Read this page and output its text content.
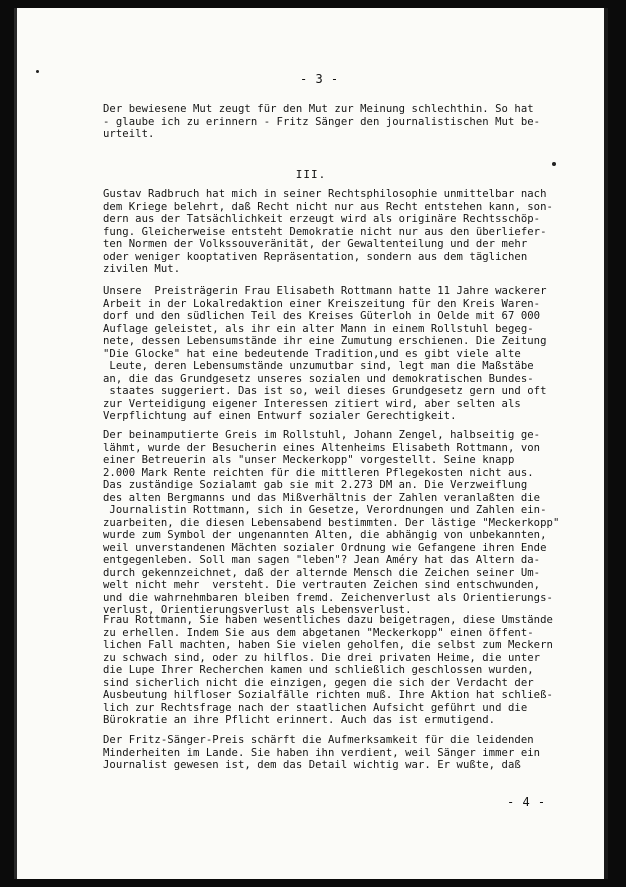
- 3 -
Der bewiesene Mut zeugt für den Mut zur Meinung schlechthin. So hat
- glaube ich zu erinnern - Fritz Sänger den journalistischen Mut be-
urteilt.
III.
Gustav Radbruch hat mich in seiner Rechtsphilosophie unmittelbar nach
dem Kriege belehrt, daß Recht nicht nur aus Recht entstehen kann, son-
dern aus der Tatsächlichkeit erzeugt wird als originäre Rechtsschöp-
fung. Gleicherweise entsteht Demokratie nicht nur aus den überliefer-
ten Normen der Volkssouveränität, der Gewaltenteilung und der mehr
oder weniger kooptativen Repräsentation, sondern aus dem täglichen
zivilen Mut.
Unsere  Preisträgerin Frau Elisabeth Rottmann hatte 11 Jahre wackerer
Arbeit in der Lokalredaktion einer Kreiszeitung für den Kreis Waren-
dorf und den südlichen Teil des Kreises Güterloh in Oelde mit 67 000
Auflage geleistet, als ihr ein alter Mann in einem Rollstuhl begeg-
nete, dessen Lebensumstände ihr eine Zumutung erschienen. Die Zeitung
"Die Glocke" hat eine bedeutende Tradition,und es gibt viele alte
Leute, deren Lebensumstände unzumutbar sind, legt man die Maßstäbe
an, die das Grundgesetz unseres sozialen und demokratischen Bundes-
staates suggeriert. Das ist so, weil dieses Grundgesetz gern und oft
zur Verteidigung eigener Interessen zitiert wird, aber selten als
Verpflichtung auf einen Entwurf sozialer Gerechtigkeit.
Der beinamputierte Greis im Rollstuhl, Johann Zengel, halbseitig ge-
lähmt, wurde der Besucherin eines Altenheims Elisabeth Rottmann, von
einer Betreuerin als "unser Meckerkopp" vorgestellt. Seine knapp
2.000 Mark Rente reichten für die mittleren Pflegekosten nicht aus.
Das zuständige Sozialamt gab sie mit 2.273 DM an. Die Verzweiflung
des alten Bergmanns und das Mißverhältnis der Zahlen veranlaßten die
Journalistin Rottmann, sich in Gesetze, Verordnungen und Zahlen ein-
zuarbeiten, die diesen Lebensabend bestimmten. Der lästige "Meckerkopp"
wurde zum Symbol der ungenannten Alten, die abhängig von unbekannten,
weil unverstandenen Mächten sozialer Ordnung wie Gefangene ihren Ende
entgegenleben. Soll man sagen "leben"? Jean Améry hat das Altern da-
durch gekennzeichnet, daß der alternde Mensch die Zeichen seiner Um-
welt nicht mehr  versteht. Die vertrauten Zeichen sind entschwunden,
und die wahrnehmbaren bleiben fremd. Zeichenverlust als Orientierungs-
verlust, Orientierungsverlust als Lebensverlust.
Frau Rottmann, Sie haben wesentliches dazu beigetragen, diese Umstände
zu erhellen. Indem Sie aus dem abgetanen "Meckerkopp" einen öffent-
lichen Fall machten, haben Sie vielen geholfen, die selbst zum Meckern
zu schwach sind, oder zu hilflos. Die drei privaten Heime, die unter
die Lupe Ihrer Recherchen kamen und schließlich geschlossen wurden,
sind sicherlich nicht die einzigen, gegen die sich der Verdacht der
Ausbeutung hilfloser Sozialfälle richten muß. Ihre Aktion hat schließ-
lich zur Rechtsfrage nach der staatlichen Aufsicht geführt und die
Bürokratie an ihre Pflicht erinnert. Auch das ist ermutigend.
Der Fritz-Sänger-Preis schärft die Aufmerksamkeit für die leidenden
Minderheiten im Lande. Sie haben ihn verdient, weil Sänger immer ein
Journalist gewesen ist, dem das Detail wichtig war. Er wußte, daß
- 4 -
